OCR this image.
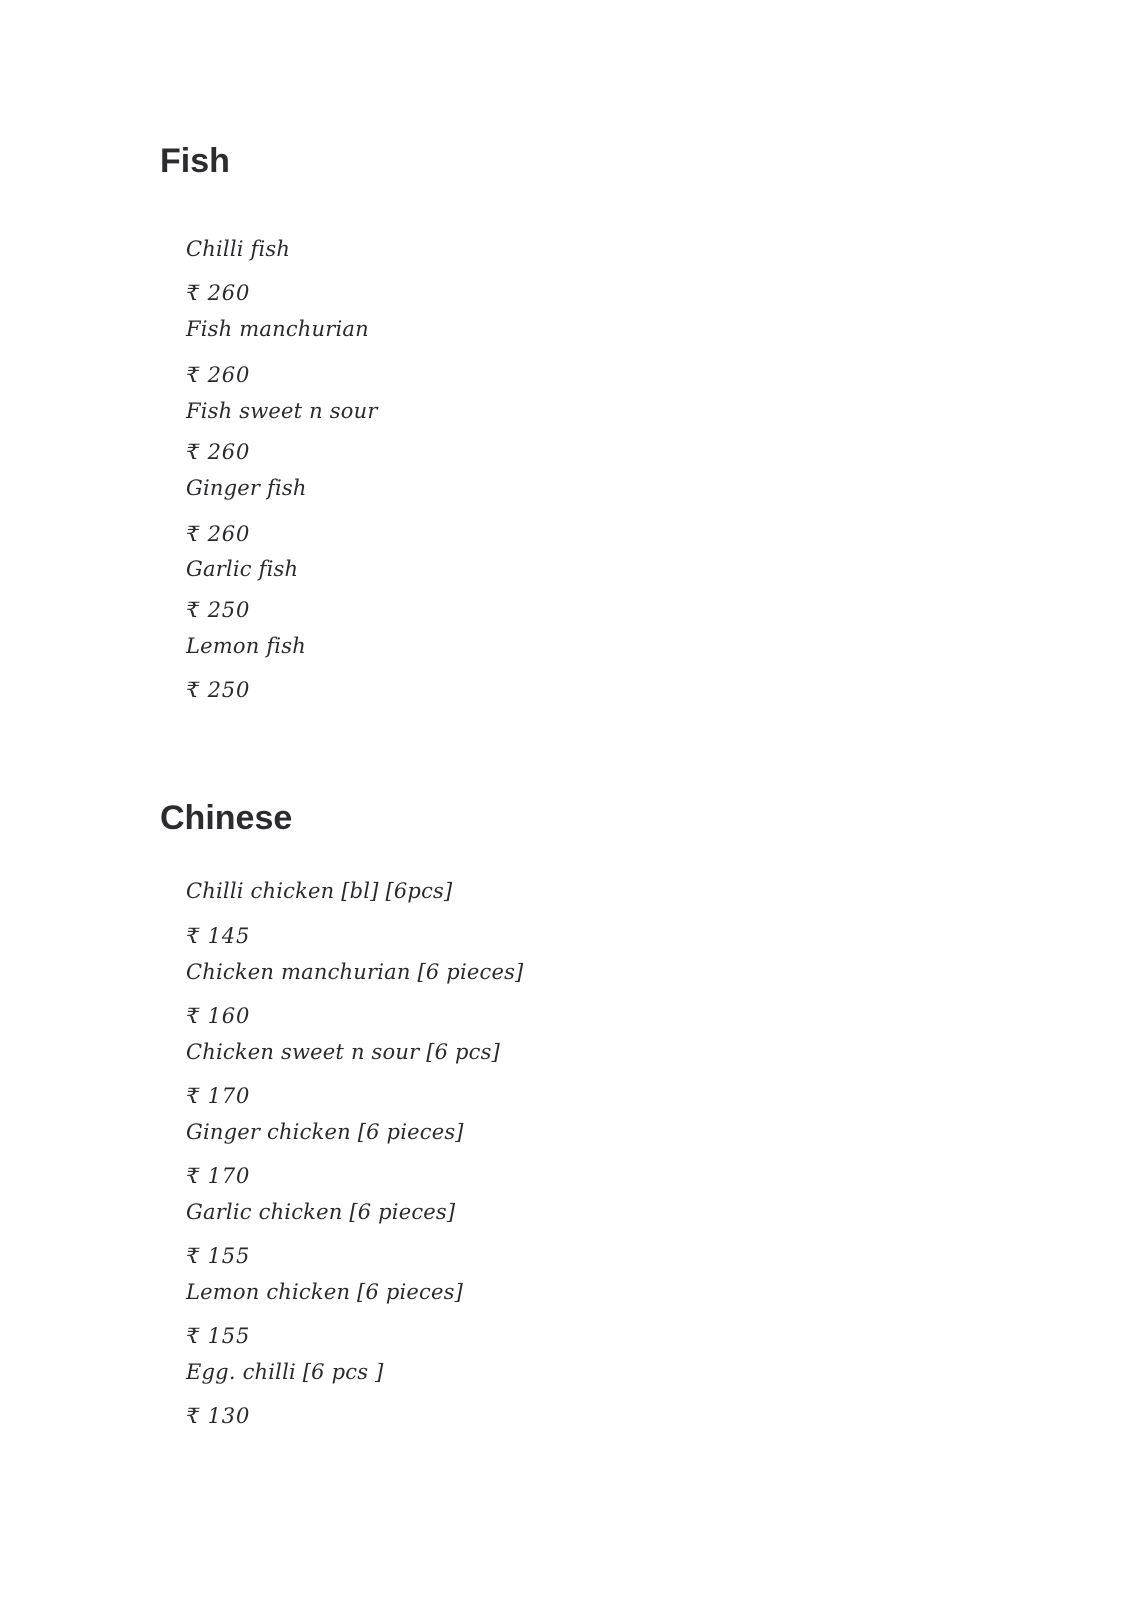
Fish
Chilli fish
₹ 260
Fish manchurian
₹ 260
Fish sweet n sour
₹ 260
Ginger fish
₹ 260
Garlic fish
₹ 250
Lemon fish
₹ 250
Chinese
Chilli chicken [bl] [6pcs]
₹ 145
Chicken manchurian [6 pieces]
₹ 160
Chicken sweet n sour [6 pcs]
₹ 170
Ginger chicken [6 pieces]
₹ 170
Garlic chicken [6 pieces]
₹ 155
Lemon chicken [6 pieces]
₹ 155
Egg. chilli [6 pcs ]
₹ 130
